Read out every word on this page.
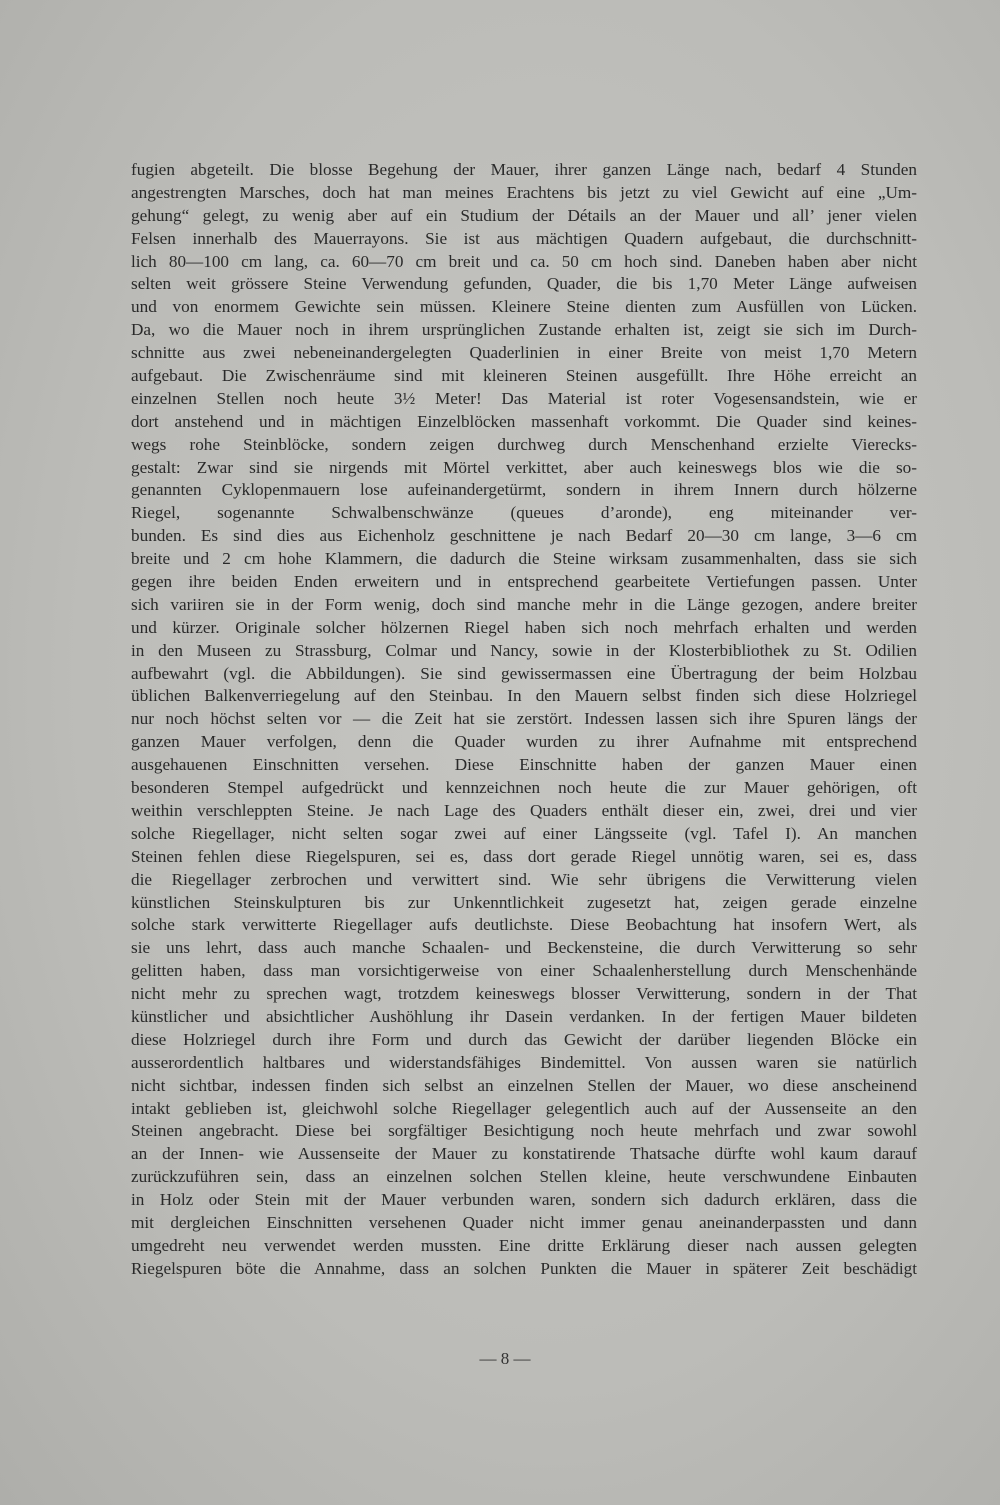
fugien abgeteilt. Die blosse Begehung der Mauer, ihrer ganzen Länge nach, bedarf 4 Stunden
angestrengten Marsches, doch hat man meines Erachtens bis jetzt zu viel Gewicht auf eine „Um-
gehung“ gelegt, zu wenig aber auf ein Studium der Détails an der Mauer und all’ jener vielen
Felsen innerhalb des Mauerrayons. Sie ist aus mächtigen Quadern aufgebaut, die durchschnitt-
lich 80—100 cm lang, ca. 60—70 cm breit und ca. 50 cm hoch sind. Daneben haben aber nicht
selten weit grössere Steine Verwendung gefunden, Quader, die bis 1,70 Meter Länge aufweisen
und von enormem Gewichte sein müssen. Kleinere Steine dienten zum Ausfüllen von Lücken.
Da, wo die Mauer noch in ihrem ursprünglichen Zustande erhalten ist, zeigt sie sich im Durch-
schnitte aus zwei nebeneinandergelegten Quaderlinien in einer Breite von meist 1,70 Metern
aufgebaut. Die Zwischenräume sind mit kleineren Steinen ausgefüllt. Ihre Höhe erreicht an
einzelnen Stellen noch heute 3½ Meter! Das Material ist roter Vogesensandstein, wie er
dort anstehend und in mächtigen Einzelblöcken massenhaft vorkommt. Die Quader sind keines-
wegs rohe Steinblöcke, sondern zeigen durchweg durch Menschenhand erzielte Vierecks-
gestalt: Zwar sind sie nirgends mit Mörtel verkittet, aber auch keineswegs blos wie die so-
genannten Cyklopenmauern lose aufeinandergetürmt, sondern in ihrem Innern durch hölzerne
Riegel, sogenannte Schwalbenschwänze (queues d’aronde), eng miteinander ver-
bunden. Es sind dies aus Eichenholz geschnittene je nach Bedarf 20—30 cm lange, 3—6 cm
breite und 2 cm hohe Klammern, die dadurch die Steine wirksam zusammenhalten, dass sie sich
gegen ihre beiden Enden erweitern und in entsprechend gearbeitete Vertiefungen passen. Unter
sich variiren sie in der Form wenig, doch sind manche mehr in die Länge gezogen, andere breiter
und kürzer. Originale solcher hölzernen Riegel haben sich noch mehrfach erhalten und werden
in den Museen zu Strassburg, Colmar und Nancy, sowie in der Klosterbibliothek zu St. Odilien
aufbewahrt (vgl. die Abbildungen). Sie sind gewissermassen eine Übertragung der beim Holzbau
üblichen Balkenverriegelung auf den Steinbau. In den Mauern selbst finden sich diese Holzriegel
nur noch höchst selten vor — die Zeit hat sie zerstört. Indessen lassen sich ihre Spuren längs der
ganzen Mauer verfolgen, denn die Quader wurden zu ihrer Aufnahme mit entsprechend
ausgehauenen Einschnitten versehen. Diese Einschnitte haben der ganzen Mauer einen
besonderen Stempel aufgedrückt und kennzeichnen noch heute die zur Mauer gehörigen, oft
weithin verschleppten Steine. Je nach Lage des Quaders enthält dieser ein, zwei, drei und vier
solche Riegellager, nicht selten sogar zwei auf einer Längsseite (vgl. Tafel I). An manchen
Steinen fehlen diese Riegelspuren, sei es, dass dort gerade Riegel unnötig waren, sei es, dass
die Riegellager zerbrochen und verwittert sind. Wie sehr übrigens die Verwitterung vielen
künstlichen Steinskulpturen bis zur Unkenntlichkeit zugesetzt hat, zeigen gerade einzelne
solche stark verwitterte Riegellager aufs deutlichste. Diese Beobachtung hat insofern Wert, als
sie uns lehrt, dass auch manche Schaalen- und Beckensteine, die durch Verwitterung so sehr
gelitten haben, dass man vorsichtigerweise von einer Schaalenherstellung durch Menschenhände
nicht mehr zu sprechen wagt, trotzdem keineswegs blosser Verwitterung, sondern in der That
künstlicher und absichtlicher Aushöhlung ihr Dasein verdanken. In der fertigen Mauer bildeten
diese Holzriegel durch ihre Form und durch das Gewicht der darüber liegenden Blöcke ein
ausserordentlich haltbares und widerstandsfähiges Bindemittel. Von aussen waren sie natürlich
nicht sichtbar, indessen finden sich selbst an einzelnen Stellen der Mauer, wo diese anscheinend
intakt geblieben ist, gleichwohl solche Riegellager gelegentlich auch auf der Aussenseite an den
Steinen angebracht. Diese bei sorgfältiger Besichtigung noch heute mehrfach und zwar sowohl
an der Innen- wie Aussenseite der Mauer zu konstatirende Thatsache dürfte wohl kaum darauf
zurückzuführen sein, dass an einzelnen solchen Stellen kleine, heute verschwundene Einbauten
in Holz oder Stein mit der Mauer verbunden waren, sondern sich dadurch erklären, dass die
mit dergleichen Einschnitten versehenen Quader nicht immer genau aneinanderpassten und dann
umgedreht neu verwendet werden mussten. Eine dritte Erklärung dieser nach aussen gelegten
Riegelspuren böte die Annahme, dass an solchen Punkten die Mauer in späterer Zeit beschädigt
— 8 —
